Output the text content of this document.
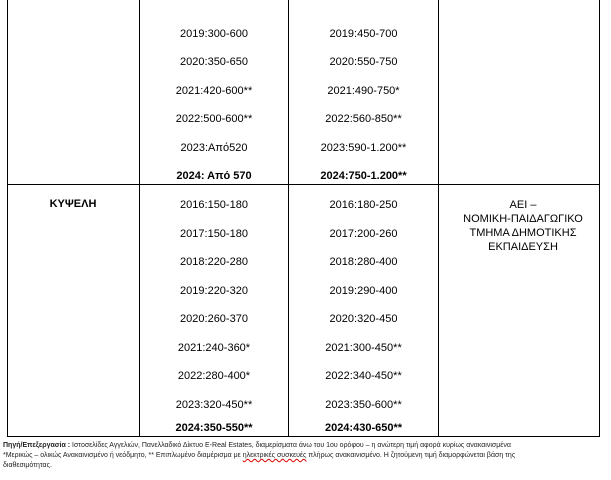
2019:300-600
2020:350-650
2021:420-600**
2022:500-600**
2023:Από520
2024: Από 570
2019:450-700
2020:550-750
2021:490-750*
2022:560-850**
2023:590-1.200**
2024:750-1.200**
ΚΥΨΕΛΗ	2016:150-180
2017:150-180
2018:220-280
2019:220-320
2020:260-370
2021:240-360*
2022:280-400*
2023:320-450**
2024:350-550**
2016:180-250
2017:200-260
2018:280-400
2019:290-400
2020:320-450
2021:300-450**
2022:340-450**
2023:350-600**
2024:430-650**
ΑΕΙ –
ΝΟΜΙΚΗ-ΠΑΙΔΑΓΩΓΙΚΟ
ΤΜΗΜΑ ΔΗΜΟΤΙΚΗΣ
ΕΚΠΑΙΔΕΥΣΗ
Πηγή/Επεξεργασία : Ιστοσελίδες Αγγελιών, Πανελλαδικό Δίκτυο E-Real Estates, διαμερίσματα άνω του 1ου ορόφου – η ανώτερη τιμή αφορά κυρίως ανακαινισμένα
*Μερικώς – ολικώς Ανακαινισμένο ή νεόδμητο, ** Επιπλωμένο διαμέρισμα με ηλεκτρικές συσκευές πλήρως ανακαινισμένο. Η ζητούμενη τιμή διαμορφώνεται βάση της
διαθεσιμότητας.
